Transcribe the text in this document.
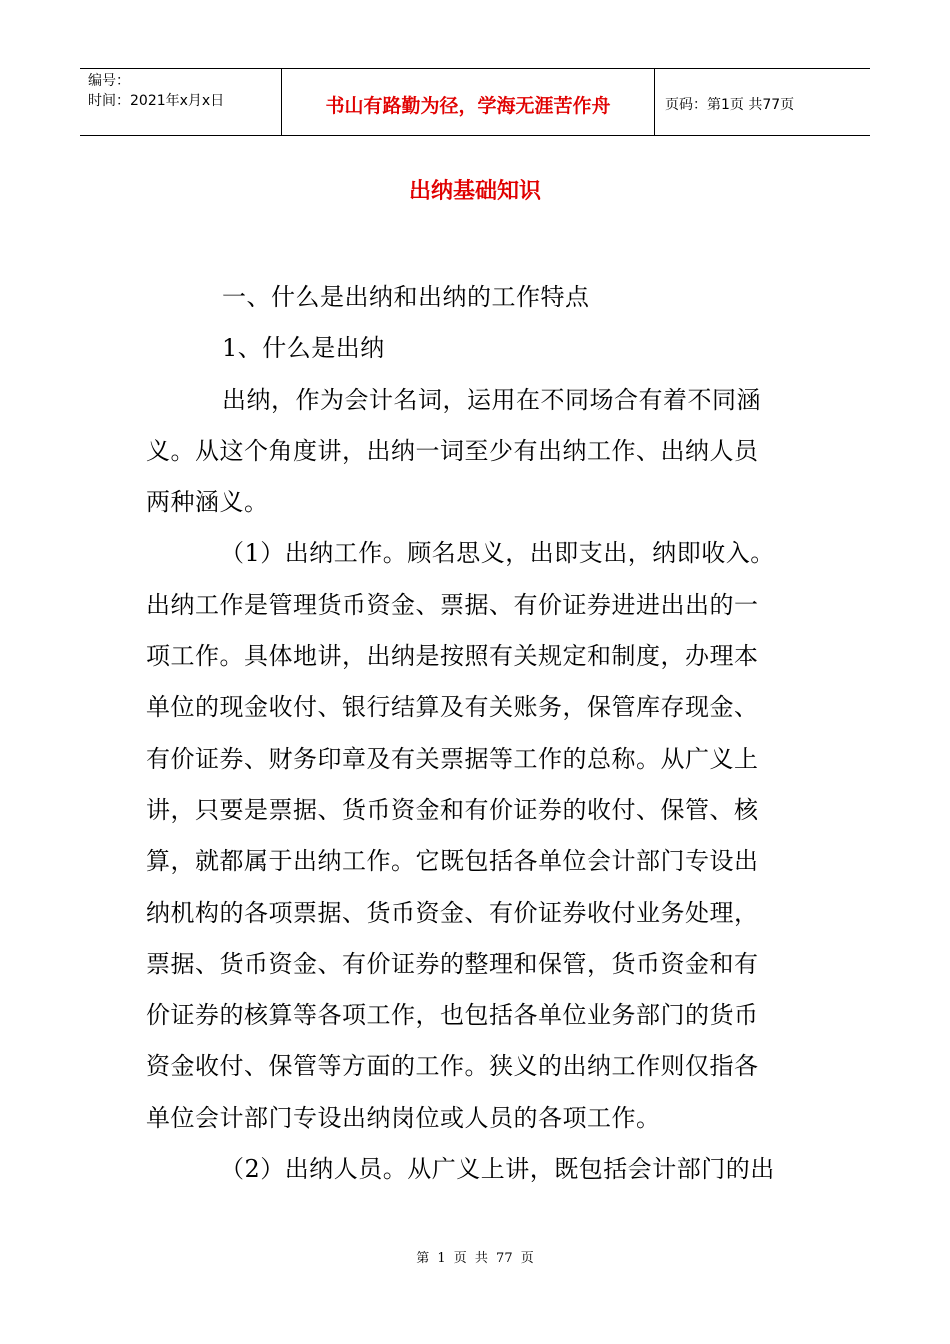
编号：
时间：2021年x月x日	书山有路勤为径，学海无涯苦作舟	页码：第1页 共77页
出纳基础知识

一、什么是出纳和出纳的工作特点

1、什么是出纳

出纳，作为会计名词，运用在不同场合有着不同涵

义。从这个角度讲，出纳一词至少有出纳工作、出纳人员

两种涵义。

（1）出纳工作。顾名思义，出即支出，纳即收入。

出纳工作是管理货币资金、票据、有价证券进进出出的一

项工作。具体地讲，出纳是按照有关规定和制度，办理本

单位的现金收付、银行结算及有关账务，保管库存现金、

有价证券、财务印章及有关票据等工作的总称。从广义上

讲，只要是票据、货币资金和有价证券的收付、保管、核

算，就都属于出纳工作。它既包括各单位会计部门专设出

纳机构的各项票据、货币资金、有价证券收付业务处理，

票据、货币资金、有价证券的整理和保管，货币资金和有

价证券的核算等各项工作，也包括各单位业务部门的货币

资金收付、保管等方面的工作。狭义的出纳工作则仅指各

单位会计部门专设出纳岗位或人员的各项工作。

（2）出纳人员。从广义上讲，既包括会计部门的出

第 1 页 共 77 页
